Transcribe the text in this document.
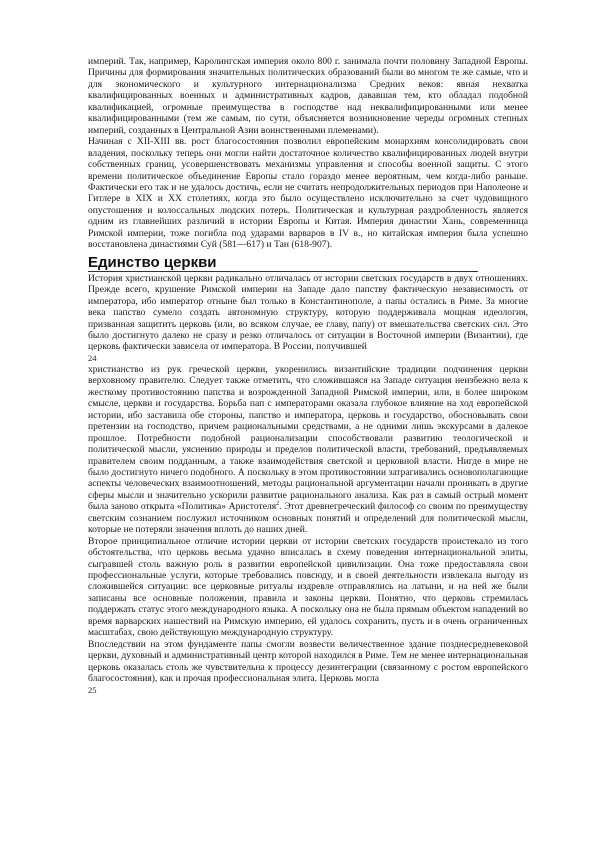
империй. Так, например, Каролингская империя около 800 г. занимала почти половину Западной Европы. Причины для формирования значительных политических образований были во многом те же самые, что и для экономического и культурного интернационализма Средних веков: явная нехватка квалифицированных военных и административных кадров, дававшая тем, кто обладал подобной квалификацией, огромные преимущества в господстве над неквалифицированными или менее квалифицированными (тем же самым, по сути, объясняется возникновение череды огромных степных империй, созданных в Центральной Азии воинственными племенами).

Начиная с XII-XIII вв. рост благосостояния позволил европейским монархиям консолидировать свои владения, поскольку теперь они могли найти достаточное количество квалифицированных людей внутри собственных границ, усовершенствовать механизмы управления и способы военной защиты. С этого времени политическое объединение Европы стало гораздо менее вероятным, чем когда-либо раньше. Фактически его так и не удалось достичь, если не считать непродолжительных периодов при Наполеоне и Гитлере в XIX и XX столетиях, когда это было осуществлено исключительно за счет чудовищного опустошения и колоссальных людских потерь. Политическая и культурная раздробленность является одним из главнейших различий в истории Европы и Китая. Империя династии Хань, современница Римской империи, тоже погибла под ударами варваров в IV в., но китайская империя была успешно восстановлена династиями Суй (581—617) и Тан (618-907).

Единство церкви

История христианской церкви радикально отличалась от истории светских государств в двух отношениях. Прежде всего, крушение Римской империи на Западе дало папству фактическую независимость от императора, ибо император отныне был только в Константинополе, а папы остались в Риме. За многие века папство сумело создать автономную структуру, которую поддерживала мощная идеология, призванная защитить церковь (или, во всяком случае, ее главу, папу) от вмешательства светских сил. Это было достигнуто далеко не сразу и резко отличалось от ситуации в Восточной империи (Византии), где церковь фактически зависела от императора. В России, получившей

24

христианство из рук греческой церкви, укоренились византийские традиции подчинения церкви верховному правителю. Следует также отметить, что сложившаяся на Западе ситуация неизбежно вела к жесткому противостоянию папства и возрожденной Западной Римской империи, или, в более широком смысле, церкви и государства. Борьба пап с императорами оказала глубокое влияние на ход европейской истории, ибо заставила обе стороны, папство и императора, церковь и государство, обосновывать свои претензии на господство, причем рациональными средствами, а не одними лишь экскурсами в далекое прошлое. Потребности подобной рационализации способствовали развитию теологической и политической мысли, уяснению природы и пределов политической власти, требований, предъявляемых правителем своим подданным, а также взаимодействия светской и церковной власти. Нигде в мире не было достигнуто ничего подобного. А поскольку в этом противостоянии затрагивались основополагающие аспекты человеческих взаимоотношений, методы рациональной аргументации начали проникать в другие сферы мысли и значительно ускорили развитие рационального анализа. Как раз в самый острый момент была заново открыта «Политика» Аристотеля$^2$. Этот древнегреческий философ со своим по преимуществу светским сознанием послужил источником основных понятий и определений для политической мысли, которые не потеряли значения вплоть до наших дней.

Второе принципиальное отличие истории церкви от истории светских государств проистекало из того обстоятельства, что церковь весьма удачно вписалась в схему поведения интернациональной элиты, сыгравшей столь важную роль в развитии европейской цивилизации. Она тоже предоставляла свои профессиональные услуги, которые требовались повсюду, и в своей деятельности извлекала выгоду из сложившейся ситуации: все церковные ритуалы издревле отправлялись на латыни, и на ней же были записаны все основные положения, правила и законы церкви. Понятно, что церковь стремилась поддержать статус этого международного языка. А поскольку она не была прямым объектом нападений во время варварских нашествий на Римскую империю, ей удалось сохранить, пусть и в очень ограниченных масштабах, свою действующую международную структуру.

Впоследствии на этом фундаменте папы смогли возвести величественное здание позднесредневековой церкви, духовный и административный центр которой находился в Риме. Тем не менее интернациональная церковь оказалась столь же чувствительна к процессу дезинтеграции (связанному с ростом европейского благосостояния), как и прочая профессиональная элита. Церковь могла

25
